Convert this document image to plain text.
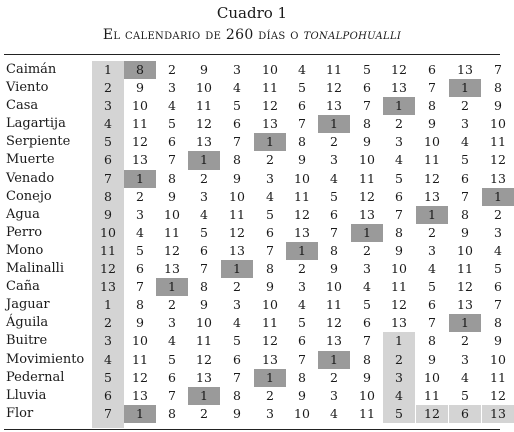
Cuadro 1
El calendario de 260 días o tonalpohualli
Caimán	1	8	2	9	3	10	4	11	5	12	6	13	7
Viento	2	9	3	10	4	11	5	12	6	13	7	1	8
Casa	3	10	4	11	5	12	6	13	7	1	8	2	9
Lagartija	4	11	5	12	6	13	7	1	8	2	9	3	10
Serpiente	5	12	6	13	7	1	8	2	9	3	10	4	11
Muerte	6	13	7	1	8	2	9	3	10	4	11	5	12
Venado	7	1	8	2	9	3	10	4	11	5	12	6	13
Conejo	8	2	9	3	10	4	11	5	12	6	13	7	1
Agua	9	3	10	4	11	5	12	6	13	7	1	8	2
Perro	10	4	11	5	12	6	13	7	1	8	2	9	3
Mono	11	5	12	6	13	7	1	8	2	9	3	10	4
Malinalli	12	6	13	7	1	8	2	9	3	10	4	11	5
Caña	13	7	1	8	2	9	3	10	4	11	5	12	6
Jaguar	1	8	2	9	3	10	4	11	5	12	6	13	7
Águila	2	9	3	10	4	11	5	12	6	13	7	1	8
Buitre	3	10	4	11	5	12	6	13	7	1	8	2	9
Movimiento	4	11	5	12	6	13	7	1	8	2	9	3	10
Pedernal	5	12	6	13	7	1	8	2	9	3	10	4	11
Lluvia	6	13	7	1	8	2	9	3	10	4	11	5	12
Flor	7	1	8	2	9	3	10	4	11	5	12	6	13
